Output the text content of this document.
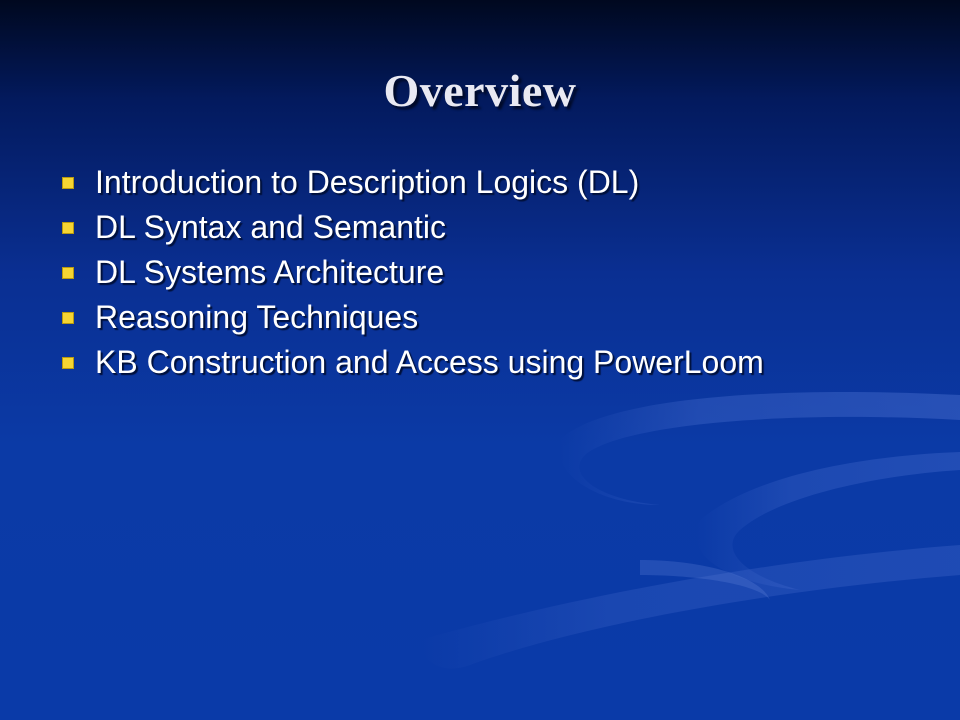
Overview
Introduction to Description Logics (DL)
DL Syntax and Semantic
DL Systems Architecture
Reasoning Techniques
KB Construction and Access using PowerLoom
